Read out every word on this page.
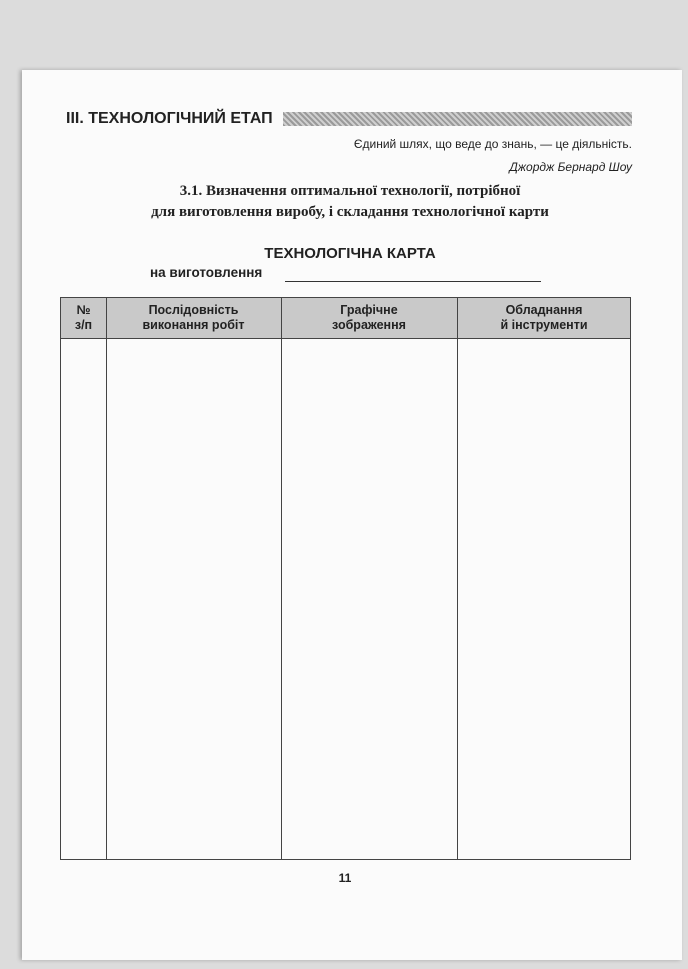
III. ТЕХНОЛОГІЧНИЙ ЕТАП
Єдиний шлях, що веде до знань, — це діяльність.
Джордж Бернард Шоу
3.1. Визначення оптимальної технології, потрібної
для виготовлення виробу, і складання технологічної карти
ТЕХНОЛОГІЧНА КАРТА
на виготовлення
№
з/п
Послідовність
виконання робіт
Графічне
зображення
Обладнання
й інструменти
11
